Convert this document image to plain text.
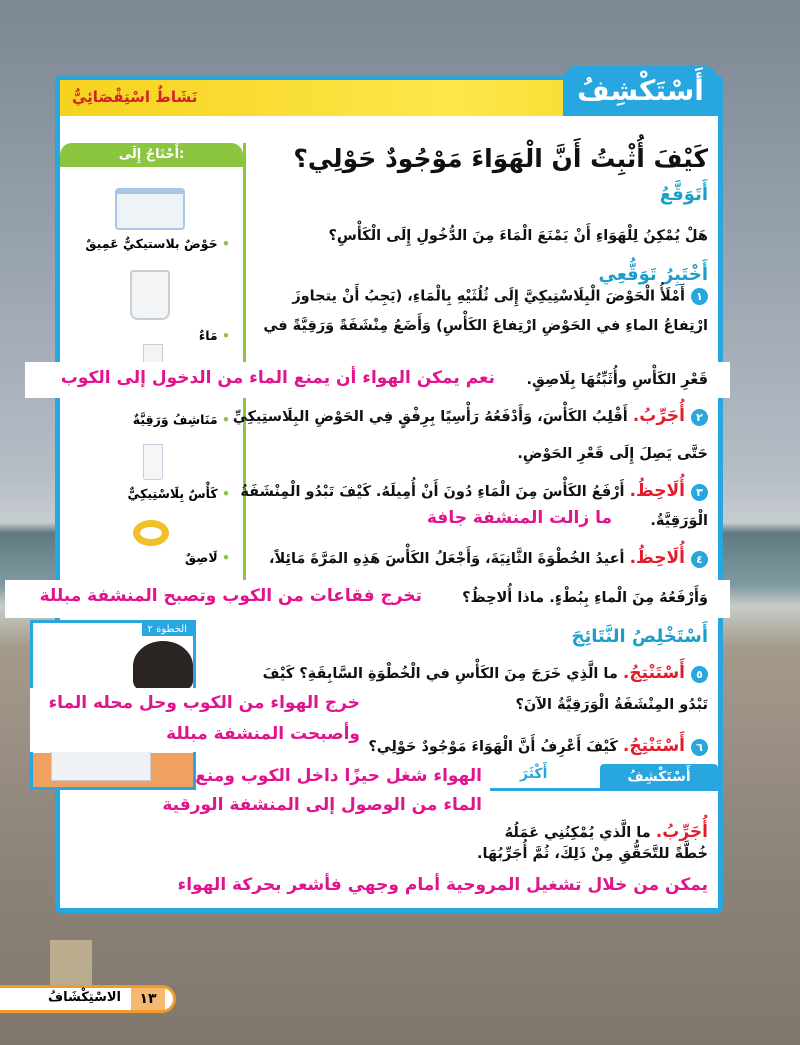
أَسْتَكْشِفُ
نَشَاطٌ اسْتِقْصَائِيٌّ
كَيْفَ أُثْبِتُ أَنَّ الْهَوَاءَ مَوْجُودٌ حَوْلِي؟
أَحْتَاجُ إِلَى:
• حَوْضٌ بلاستيكيٌّ عَمِيقٌ
• مَاءٌ
• مَنَاشِفُ وَرَقِيَّةٌ
• كَأْسٌ بِلَاسْتِيكِيٌّ
• لَاصِقٌ
أَتَوَقَّعُ
هَلْ يُمْكِنُ لِلْهَوَاءِ أَنْ يَمْنَعَ الْمَاءَ مِنَ الدُّخُولِ إِلَى الْكَأْسِ؟
أَخْتَبِرُ تَوَقُّعِي
١أَمْلَأُ الْحَوْضَ الْبِلَاسْتِيكِيَّ إِلَى ثُلُثَيْهِ بِالْمَاءِ، (يَجِبُ أَنْ يتجاوزَ
ارْتِفاعُ الماءِ في الحَوْضِ ارْتِفاعَ الكَأْسِ) وَأَضَعُ مِنْشَفَةً وَرَقِيَّةً في
قَعْرِ الكَأْسِ وأُثَبِّتُهَا بِلَاصِقٍ.
نعم يمكن الهواء أن يمنع الماء من الدخول إلى الكوب
٢أُجَرِّبُ. أَقْلِبُ الكَأْسَ، وَأَدْفَعُهُ رَأْسِيًا بِرِفْقٍ فِي الحَوْضِ البِلَاستِيكِيِّ
حَتَّى يَصِلَ إِلَى قَعْرِ الحَوْضِ.
٣أُلَاحِظُ. أَرْفَعُ الكَأْسَ مِنَ الْمَاءِ دُونَ أَنْ أُمِيلَهُ. كَيْفَ تَبْدُو الْمِنْشَفَةُ
الْوَرَقِيَّةُ.
ما زالت المنشفة جافة
٤أُلَاحِظُ. أعيدُ الخُطْوَةَ الثَّانِيَةَ، وَأَجْعَلُ الكَأْسَ هَذِهِ المَرَّةَ مَائِلاً،
وَأَرْفَعُهُ مِنَ الْماءِ بِبُطْءٍ. ماذا أُلاحِظُ؟
تخرج فقاعات من الكوب وتصبح المنشفة مبللة
أَسْتَخْلِصُ النَّتَائِجَ
الخطوة ٢
٥أَسْتَنْتِجُ. ما الَّذِي خَرَجَ مِنَ الكَأْسِ في الْخُطْوَةِ السَّابِقَةِ؟ كَيْفَ
تَبْدُو المِنْشَفَةُ الْوَرَقِيَّةُ الآنَ؟
خرج الهواء من الكوب وحل محله الماء
وأصبحت المنشفة مبللة
٦أَسْتَنْتِجُ. كَيْفَ أَعْرِفُ أَنَّ الْهَوَاءَ مَوْجُودٌ حَوْلِي؟
أَسْتَكْشِفُ
أَكْثَرَ
الهواء شغل حيزًا داخل الكوب ومنع
الماء من الوصول إلى المنشفة الورقية
أُجَرِّبُ. ما الَّذي يُمْكِنُنِي عَمَلُهُ
خُطَّةً للتَّحَقُّقِ مِنْ ذَلِكَ، ثُمَّ أُجَرِّبُهَا.
يمكن من خلال تشغيل المروحية أمام وجهي فأشعر بحركة الهواء
١٣
الاسْتِكْشَافُ
